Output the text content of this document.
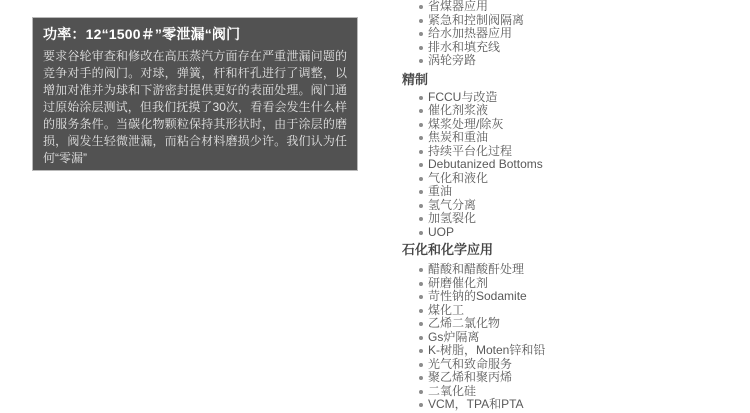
功率：12“1500＃”零泄漏“阀门
要求谷轮审查和修改在高压蒸汽方面存在严重泄漏问题的竞争对手的阀门。对球，弹簧，杆和杆孔进行了调整，以增加对准并为球和下游密封提供更好的表面处理。阀门通过原始涂层测试，但我们抚摸了30次，看看会发生什么样的服务条件。当碳化物颗粒保持其形状时，由于涂层的磨损，阀发生轻微泄漏，而粘合材料磨损少许。我们认为任何“零漏”
省煤器应用
紧急和控制阀隔离
给水加热器应用
排水和填充线
涡轮旁路
精制
FCCU与改造
催化剂浆液
煤浆处理/除灰
焦炭和重油
持续平台化过程
Debutanized Bottoms
气化和液化
重油
氢气分离
加氢裂化
UOP
石化和化学应用
醋酸和醋酸酐处理
研磨催化剂
苛性钠的Sodamite
煤化工
乙烯二氯化物
Gs炉隔离
K-树脂，Moten锌和铅
光气和致命服务
聚乙烯和聚丙烯
二氧化硅
VCM，TPA和PTA
